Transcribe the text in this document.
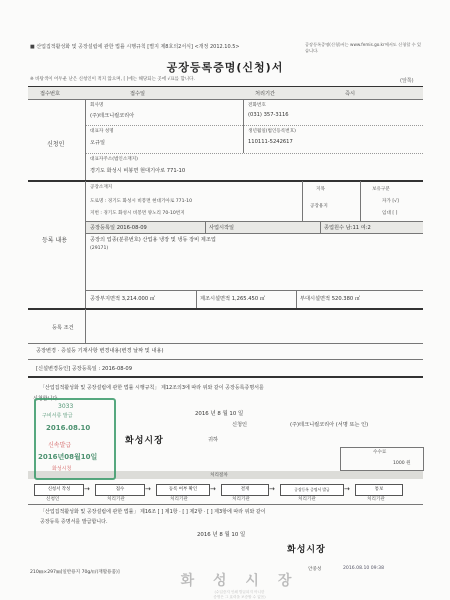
■ 산업집적활성화 및 공장설립에 관한 법률 시행규칙 [별지 제8호의2서식] <개정 2012.10.5>	공장등록증명(신청)서는 www.femis.go.kr에서도 신청할 수 있습니다.
공장등록증명(신청)서
※ 바탕색이 어두운 난은 신청인이 적지 않으며, [ ]에는 해당되는 곳에 √표를 합니다.	(앞쪽)
접수번호	접수일	처리기간	즉시
신청인
회사명
(주)테크니컬코리아
전화번호
(031) 357-3116
대표자 성명
오규일
생년월일(법인등록번호)
110111-5242617
대표자주소(법인소재지)
경기도 화성시 비봉면 현대기아로 771-10
등록 내용
공장소재지
도로명 : 경기도 화성시 비봉면 현대기아로 771-10
지번 : 경기도 화성시 비봉면 양노리 70-10번지
지목	보유구분
공장용지
자가 [√]
임대 [ ]
공장등록일 2016-08-09	사업시작일	종업원수 남:11 여:2
공장의 업종(분류번호) 산업용 냉장 및 냉동 장비 제조업
(29171)
공장부지면적 3,214.000 ㎡	제조시설면적 1,265.450 ㎡	부대시설면적 520.380 ㎡
등록 조건
공장변경 · 증설등 기재사항 변경내용(변경 날짜 및 내용)
[신설변경등인] 공장등록일 : 2016-08-09
「산업집적활성화 및 공장설립에 관한 법률 시행규칙」 제12조의3에 따라 위와 같이 공장등록증명서를
신청합니다.
2016 년 8 월 10 일
신청인	(주)테크니컬코리아 (서명 또는 인)
화성시장	귀하
수수료
1000 원
처리절차
신청서 작성	→	접수	→	등록 여부 확인	→	결재	→	공장등록 증명서 발급	→	통보
신청인	처리기관	처리기관	처리기관	처리기관	처리기관
「산업집적활성화 및 공장설립에 관한 법률」 제16조 [ ] 제1항 · [ ] 제2항 · [ ] 제3항에 따라 위와 같이
공장등록 증명서를 발급합니다.
2016 년 8 월 10 일
화성시장
210㎜×297㎜[일반용지 70g/㎡(재활용품)]
안중성	2016.08.10 09:38
화 성 시 장
(수입증지 인쇄 발급되지 아니한
증명은 그 효력을 보증할 수 없음)
3033
구비서류 발급
2016.08.10
신속발급
2016년08월10일
화성시청
